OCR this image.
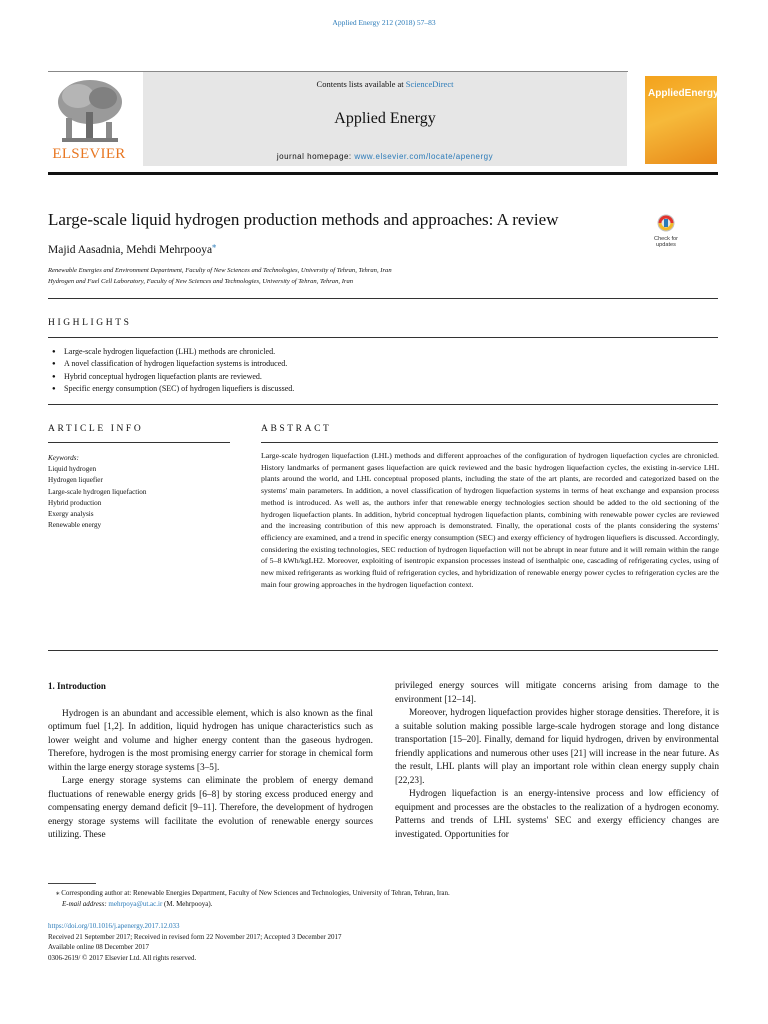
Applied Energy 212 (2018) 57–83
Contents lists available at ScienceDirect
Applied Energy
journal homepage: www.elsevier.com/locate/apenergy
ELSEVIER
AppliedEnergy
Large-scale liquid hydrogen production methods and approaches: A review
Check for
updates
Majid Aasadnia, Mehdi Mehrpooya⁎
Renewable Energies and Environment Department, Faculty of New Sciences and Technologies, University of Tehran, Tehran, Iran
Hydrogen and Fuel Cell Laboratory, Faculty of New Sciences and Technologies, University of Tehran, Tehran, Iran
HIGHLIGHTS
● Large-scale hydrogen liquefaction (LHL) methods are chronicled.
● A novel classification of hydrogen liquefaction systems is introduced.
● Hybrid conceptual hydrogen liquefaction plants are reviewed.
● Specific energy consumption (SEC) of hydrogen liquefiers is discussed.
ARTICLE INFO	ABSTRACT
Keywords:
Liquid hydrogen
Hydrogen liquefier
Large-scale hydrogen liquefaction
Hybrid production
Exergy analysis
Renewable energy
Large-scale hydrogen liquefaction (LHL) methods and different approaches of the configuration of hydrogen liquefaction cycles are chronicled. History landmarks of permanent gases liquefaction are quick reviewed and the basic hydrogen liquefaction cycles, the existing in-service LHL plants around the world, and LHL conceptual proposed plants, including the state of the art plants, are recorded and categorized based on the systems' main parameters. In addition, a novel classification of hydrogen liquefaction systems in terms of heat exchange and expansion process method is introduced. As well as, the authors infer that renewable energy technologies section should be added to the old sectioning of the hydrogen liquefaction plants. In addition, hybrid conceptual hydrogen liquefaction plants, combining with renewable power cycles are reviewed and the increasing contribution of this new approach is demonstrated. Finally, the operational costs of the plants considering the systems' efficiency are examined, and a trend in specific energy consumption (SEC) and exergy efficiency of hydrogen liquefiers is discussed. Accordingly, considering the existing technologies, SEC reduction of hydrogen liquefaction will not be abrupt in near future and it will remain within the range of 5–8 kWh/kgLH2. Moreover, exploiting of isentropic expansion processes instead of isenthalpic one, cascading of refrigerating cycles, using of new mixed refrigerants as working fluid of refrigeration cycles, and hybridization of renewable energy power cycles to refrigeration cycles are the main four growing approaches in the hydrogen liquefaction context.

1. Introduction

Hydrogen is an abundant and accessible element, which is also known as the final optimum fuel [1,2]. In addition, liquid hydrogen has unique characteristics such as lower weight and volume and higher energy content than the gaseous hydrogen. Therefore, hydrogen is the most promising energy carrier for storage in chemical form within the large energy storage systems [3–5].

Large energy storage systems can eliminate the problem of energy demand fluctuations of renewable energy grids [6–8] by storing excess produced energy and compensating energy demand deficit [9–11]. Therefore, the development of hydrogen energy storage systems will facilitate the evolution of renewable energy sources utilizing. These

privileged energy sources will mitigate concerns arising from damage to the environment [12–14].

Moreover, hydrogen liquefaction provides higher storage densities. Therefore, it is a suitable solution making possible large-scale hydrogen storage and long distance transportation [15–20]. Finally, demand for liquid hydrogen, driven by environmental friendly applications and numerous other uses [21] will increase in the near future. As the result, LHL plants will play an important role within clean energy supply chain [22,23].

Hydrogen liquefaction is an energy-intensive process and low efficiency of equipment and processes are the obstacles to the realization of a hydrogen economy. Patterns and trends of LHL systems' SEC and exergy efficiency changes are investigated. Opportunities for

⁎ Corresponding author at: Renewable Energies Department, Faculty of New Sciences and Technologies, University of Tehran, Tehran, Iran.
E-mail address: mehrpoya@ut.ac.ir (M. Mehrpooya).
https://doi.org/10.1016/j.apenergy.2017.12.033
Received 21 September 2017; Received in revised form 22 November 2017; Accepted 3 December 2017
Available online 08 December 2017
0306-2619/ © 2017 Elsevier Ltd. All rights reserved.
